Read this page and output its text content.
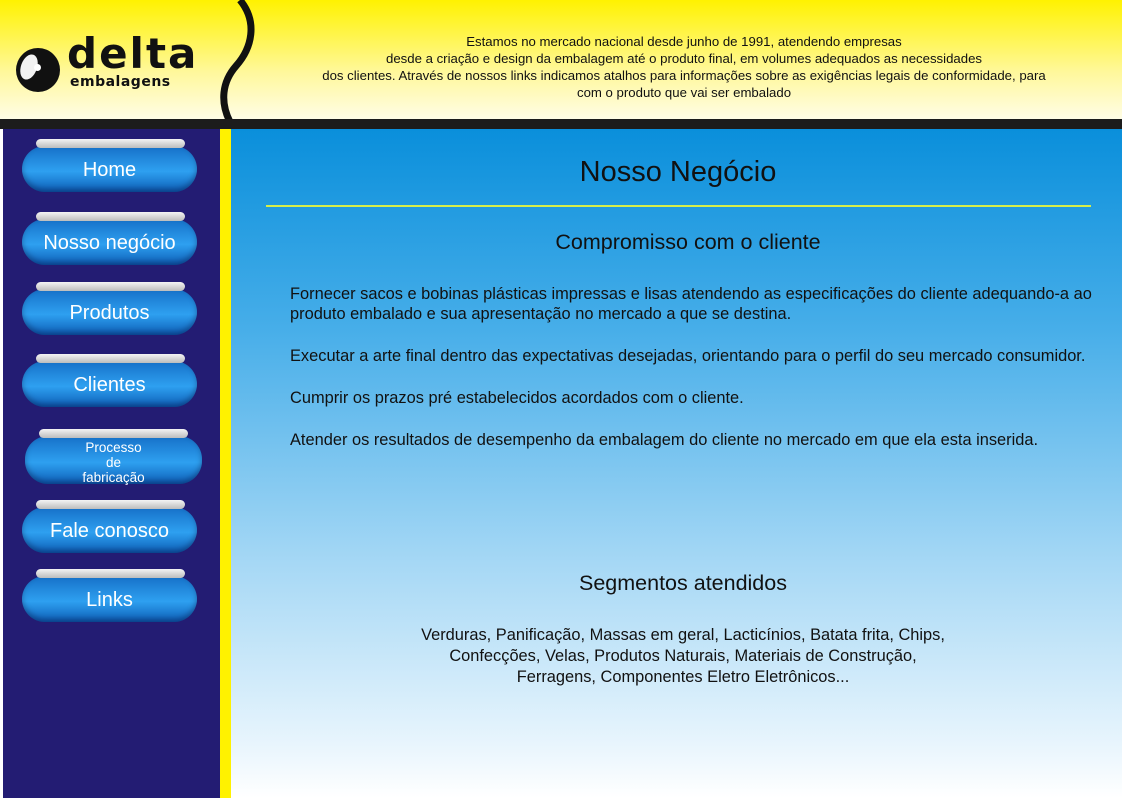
delta
embalagens
Estamos no mercado nacional desde junho de 1991, atendendo empresas
desde a criação e design da embalagem até o produto final, em volumes adequados as necessidades
dos clientes. Através de nossos links indicamos atalhos para informações sobre as exigências legais de conformidade, para
com o produto que vai ser embalado
Home
Nosso negócio
Produtos
Clientes
Processo
de
fabricação
Fale conosco
Links
Nosso Negócio
Compromisso com o cliente

Fornecer sacos e bobinas plásticas impressas e lisas atendendo as especificações do cliente adequando-a ao produto embalado e sua apresentação no mercado a que se destina.

Executar a arte final dentro das expectativas desejadas, orientando para o perfil do seu mercado consumidor.

Cumprir os prazos pré estabelecidos acordados com o cliente.

Atender os resultados de desempenho da embalagem do cliente no mercado em que ela esta inserida.

Segmentos atendidos
Verduras, Panificação, Massas em geral, Lacticínios, Batata frita, Chips,
Confecções, Velas, Produtos Naturais, Materiais de Construção,
Ferragens, Componentes Eletro Eletrônicos...
